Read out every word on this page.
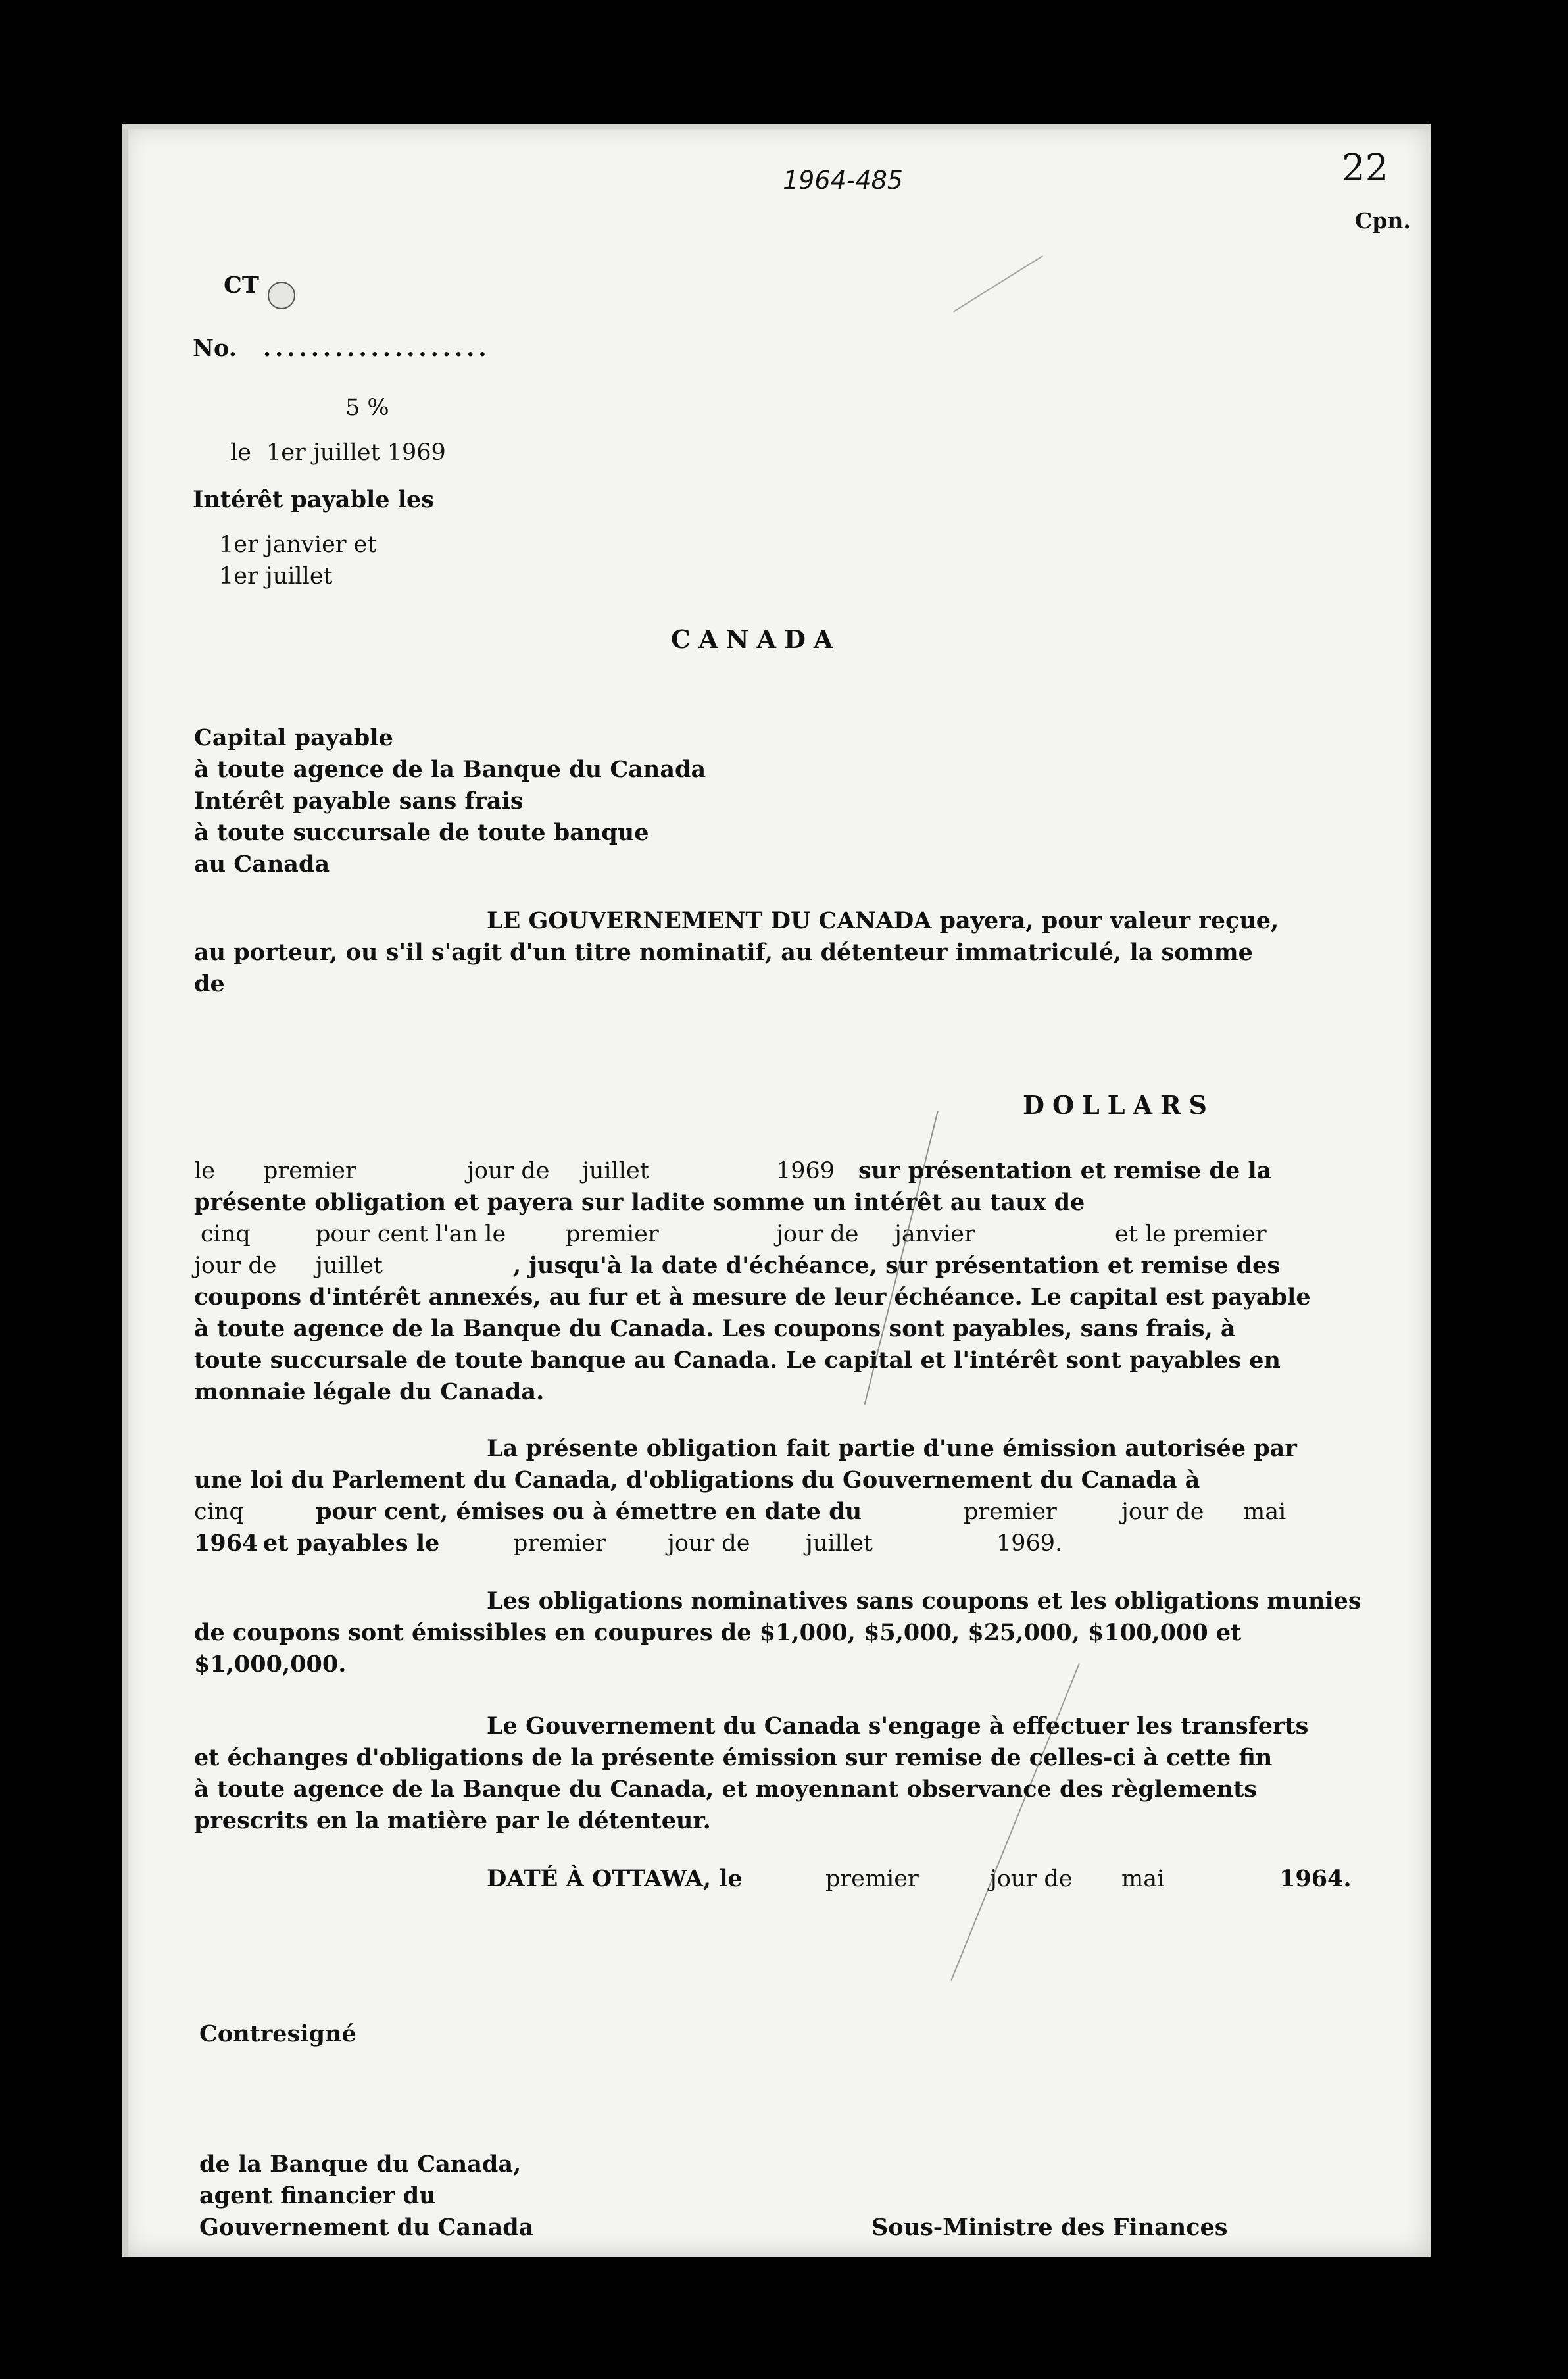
1964-485	22
Cpn.
CT
No. ...................
5 %
le 1er juillet 1969
Intérêt payable les
1er janvier et
1er juillet
CANADA
Capital payable
à toute agence de la Banque du Canada
Intérêt payable sans frais
à toute succursale de toute banque
au Canada
LE GOUVERNEMENT DU CANADA payera, pour valeur reçue,
au porteur, ou s'il s'agit d'un titre nominatif, au détenteur immatriculé, la somme
de
DOLLARS
le premier	jour de juillet	1969 sur présentation et remise de la
présente obligation et payera sur ladite somme un intérêt au taux de
cinq	pour cent l'an le	premier	jour de janvier	et le premier
jour de juillet	, jusqu'à la date d'échéance, sur présentation et remise des
coupons d'intérêt annexés, au fur et à mesure de leur échéance. Le capital est payable
à toute agence de la Banque du Canada. Les coupons sont payables, sans frais, à
toute succursale de toute banque au Canada. Le capital et l'intérêt sont payables en
monnaie légale du Canada.
La présente obligation fait partie d'une émission autorisée par
une loi du Parlement du Canada, d'obligations du Gouvernement du Canada à
cinq	pour cent, émises ou à émettre en date du	premier	jour de mai
1964 et payables le	premier	jour de juillet	1969.
Les obligations nominatives sans coupons et les obligations munies
de coupons sont émissibles en coupures de $1,000, $5,000, $25,000, $100,000 et
$1,000,000.
Le Gouvernement du Canada s'engage à effectuer les transferts
et échanges d'obligations de la présente émission sur remise de celles-ci à cette fin
à toute agence de la Banque du Canada, et moyennant observance des règlements
prescrits en la matière par le détenteur.
DATÉ À OTTAWA, le	premier	jour de mai	1964.
Contresigné
de la Banque du Canada,
agent financier du
Gouvernement du Canada	Sous-Ministre des Finances
